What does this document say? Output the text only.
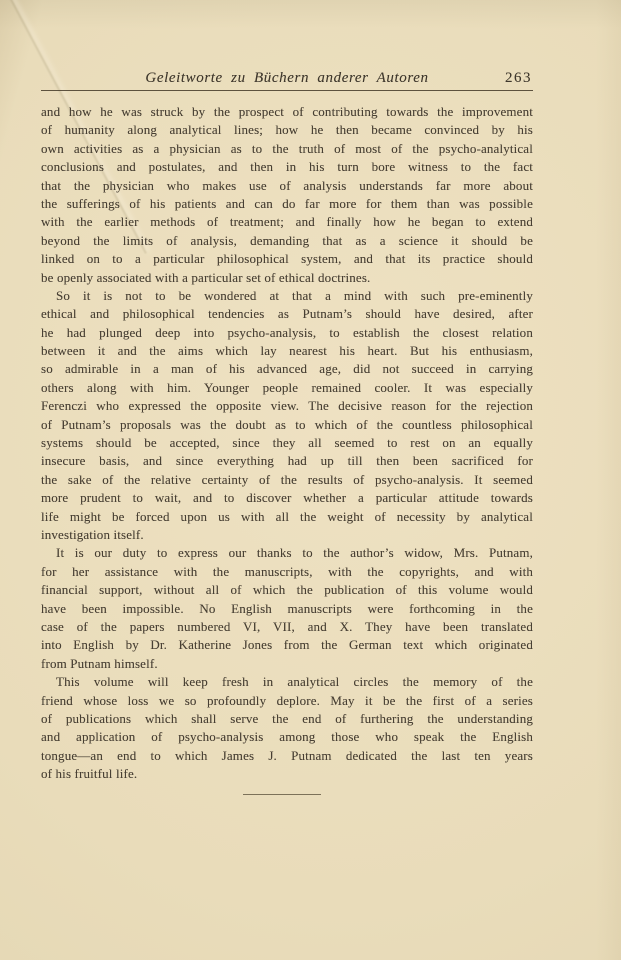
Geleitworte zu Büchern anderer Autoren	263
and how he was struck by the prospect of contributing towards the improvement
of humanity along analytical lines; how he then became convinced by his
own activities as a physician as to the truth of most of the psycho-analytical
conclusions and postulates, and then in his turn bore witness to the fact
that the physician who makes use of analysis understands far more about
the sufferings of his patients and can do far more for them than was possible
with the earlier methods of treatment; and finally how he began to extend
beyond the limits of analysis, demanding that as a science it should be
linked on to a particular philosophical system, and that its practice should
be openly associated with a particular set of ethical doctrines.
So it is not to be wondered at that a mind with such pre-eminently
ethical and philosophical tendencies as Putnam’s should have desired, after
he had plunged deep into psycho-analysis, to establish the closest relation
between it and the aims which lay nearest his heart. But his enthusiasm,
so admirable in a man of his advanced age, did not succeed in carrying
others along with him. Younger people remained cooler. It was especially
Ferenczi who expressed the opposite view. The decisive reason for the rejection
of Putnam’s proposals was the doubt as to which of the countless philosophical
systems should be accepted, since they all seemed to rest on an equally
insecure basis, and since everything had up till then been sacrificed for
the sake of the relative certainty of the results of psycho-analysis. It seemed
more prudent to wait, and to discover whether a particular attitude towards
life might be forced upon us with all the weight of necessity by analytical
investigation itself.
It is our duty to express our thanks to the author’s widow, Mrs. Putnam,
for her assistance with the manuscripts, with the copyrights, and with
financial support, without all of which the publication of this volume would
have been impossible. No English manuscripts were forthcoming in the
case of the papers numbered VI, VII, and X. They have been translated
into English by Dr. Katherine Jones from the German text which originated
from Putnam himself.
This volume will keep fresh in analytical circles the memory of the
friend whose loss we so profoundly deplore. May it be the first of a series
of publications which shall serve the end of furthering the understanding
and application of psycho-analysis among those who speak the English
tongue—an end to which James J. Putnam dedicated the last ten years
of his fruitful life.
